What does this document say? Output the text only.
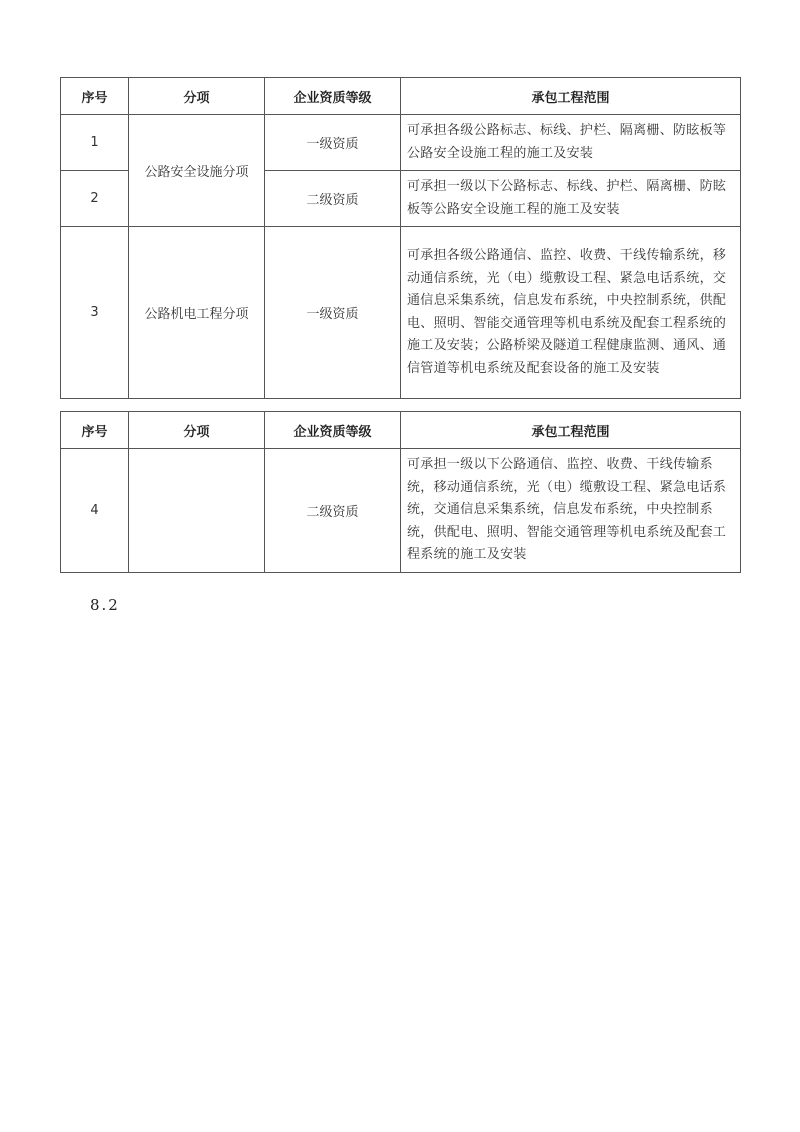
序号	分项	企业资质等级	承包工程范围
1	公路安全设施分项	一级资质	可承担各级公路标志、标线、护栏、隔离栅、防眩板等公路安全设施工程的施工及安装
2		二级资质	可承担一级以下公路标志、标线、护栏、隔离栅、防眩板等公路安全设施工程的施工及安装
3	公路机电工程分项	一级资质	可承担各级公路通信、监控、收费、干线传输系统，移动通信系统，光（电）缆敷设工程、紧急电话系统，交通信息采集系统，信息发布系统，中央控制系统，供配电、照明、智能交通管理等机电系统及配套工程系统的施工及安装；公路桥梁及隧道工程健康监测、通风、通信管道等机电系统及配套设备的施工及安装
序号	分项	企业资质等级	承包工程范围
4		二级资质	可承担一级以下公路通信、监控、收费、干线传输系统，移动通信系统，光（电）缆敷设工程、紧急电话系统，交通信息采集系统，信息发布系统，中央控制系统，供配电、照明、智能交通管理等机电系统及配套工程系统的施工及安装
8.2
